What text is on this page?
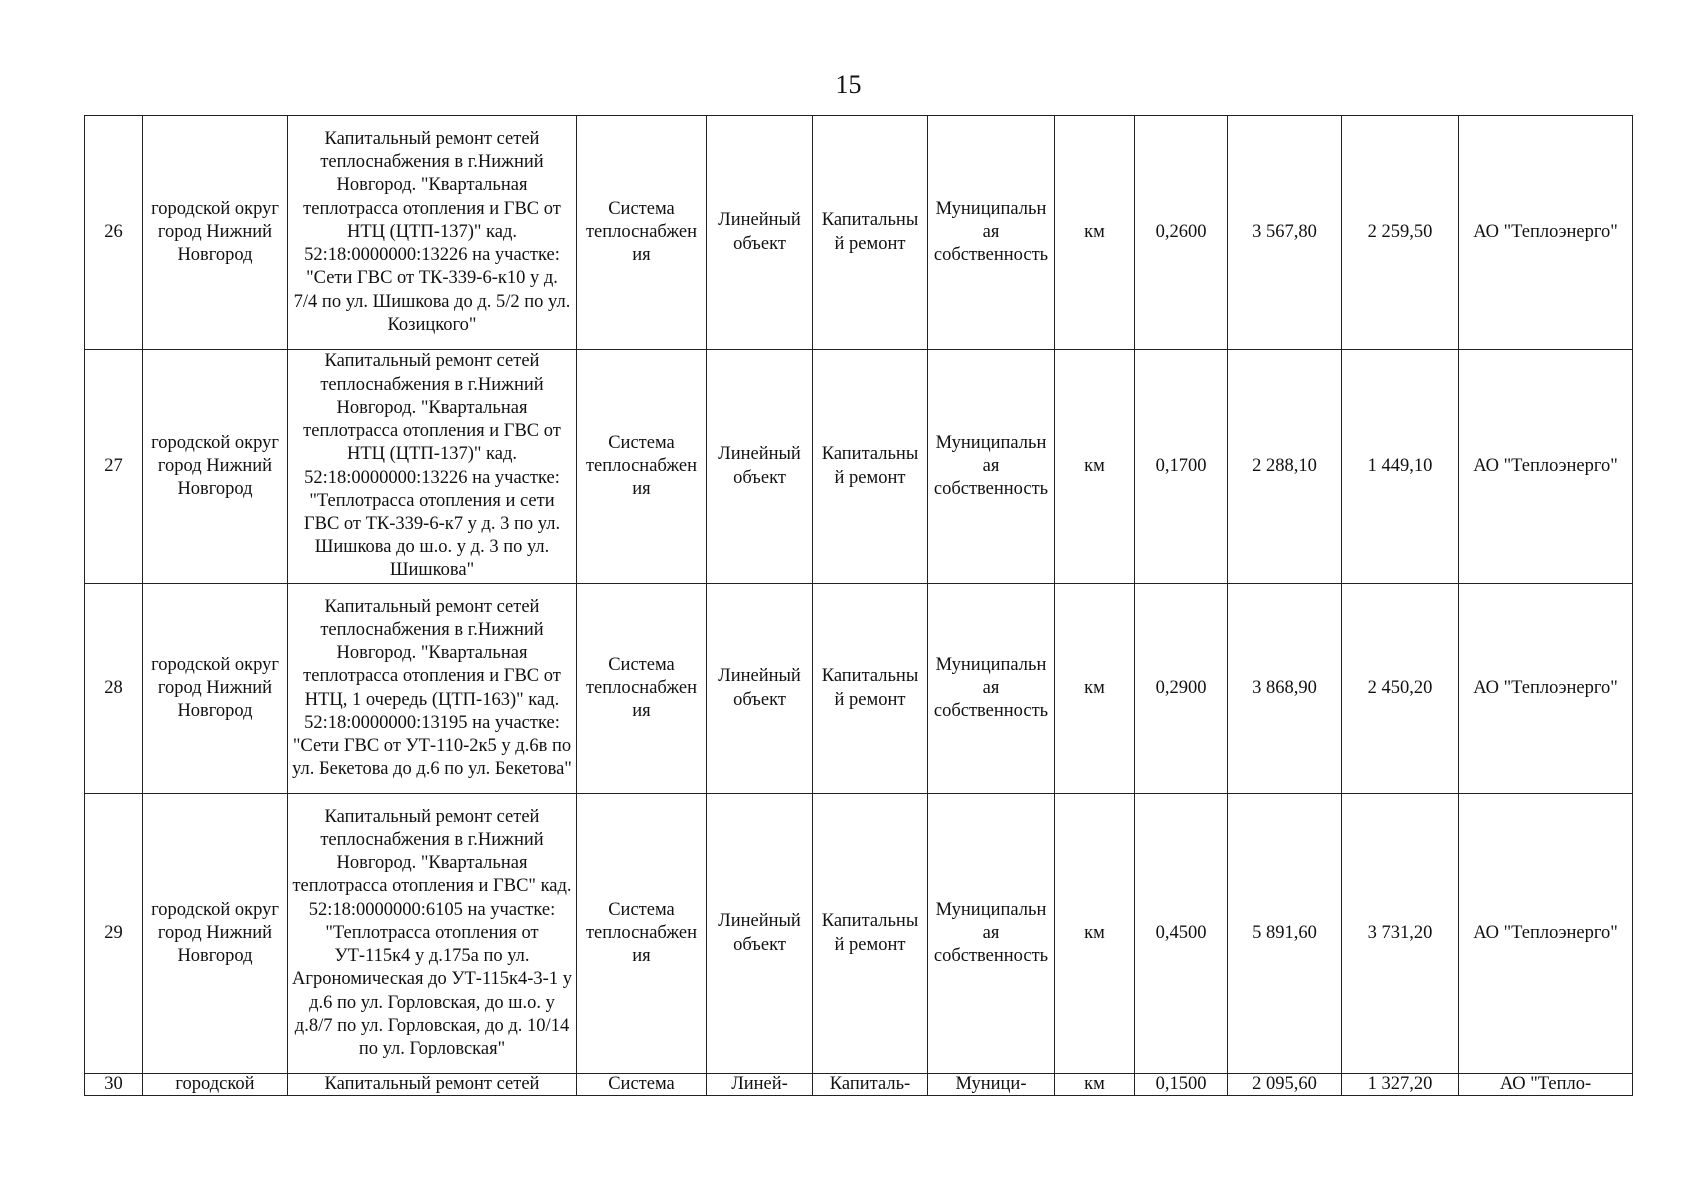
15
26	городской округ город Нижний Новгород	Капитальный ремонт сетей теплоснабжения в г.Нижний Новгород. "Квартальная теплотрасса отопления и ГВС от НТЦ (ЦТП-137)" кад. 52:18:0000000:13226 на участке: "Сети ГВС от ТК-339-6-к10 у д. 7/4 по ул. Шишкова до д. 5/2 по ул. Козицкого"	Система теплоснабжения	Линейный объект	Капитальный ремонт	Муниципальная собственность	км	0,2600	3 567,80	2 259,50	АО "Теплоэнерго"
27	городской округ город Нижний Новгород	Капитальный ремонт сетей теплоснабжения в г.Нижний Новгород. "Квартальная теплотрасса отопления и ГВС от НТЦ (ЦТП-137)" кад. 52:18:0000000:13226 на участке: "Теплотрасса отопления и сети ГВС от ТК-339-6-к7 у д. 3 по ул. Шишкова до ш.о. у д. 3 по ул. Шишкова"	Система теплоснабжения	Линейный объект	Капитальный ремонт	Муниципальная собственность	км	0,1700	2 288,10	1 449,10	АО "Теплоэнерго"
28	городской округ город Нижний Новгород	Капитальный ремонт сетей теплоснабжения в г.Нижний Новгород. "Квартальная теплотрасса отопления и ГВС от НТЦ, 1 очередь (ЦТП-163)" кад. 52:18:0000000:13195 на участке: "Сети ГВС от УТ-110-2к5 у д.6в по ул. Бекетова до д.6 по ул. Бекетова"	Система теплоснабжения	Линейный объект	Капитальный ремонт	Муниципальная собственность	км	0,2900	3 868,90	2 450,20	АО "Теплоэнерго"
29	городской округ город Нижний Новгород	Капитальный ремонт сетей теплоснабжения в г.Нижний Новгород. "Квартальная теплотрасса отопления и ГВС" кад. 52:18:0000000:6105 на участке: "Теплотрасса отопления от УТ-115к4 у д.175а по ул. Агрономическая до УТ-115к4-3-1 у д.6 по ул. Горловская, до ш.о. у д.8/7 по ул. Горловская, до д. 10/14 по ул. Горловская"	Система теплоснабжения	Линейный объект	Капитальный ремонт	Муниципальная собственность	км	0,4500	5 891,60	3 731,20	АО "Теплоэнерго"
30	городской	Капитальный ремонт сетей	Система	Линей-	Капиталь-	Муници-	км	0,1500	2 095,60	1 327,20	АО "Тепло-
